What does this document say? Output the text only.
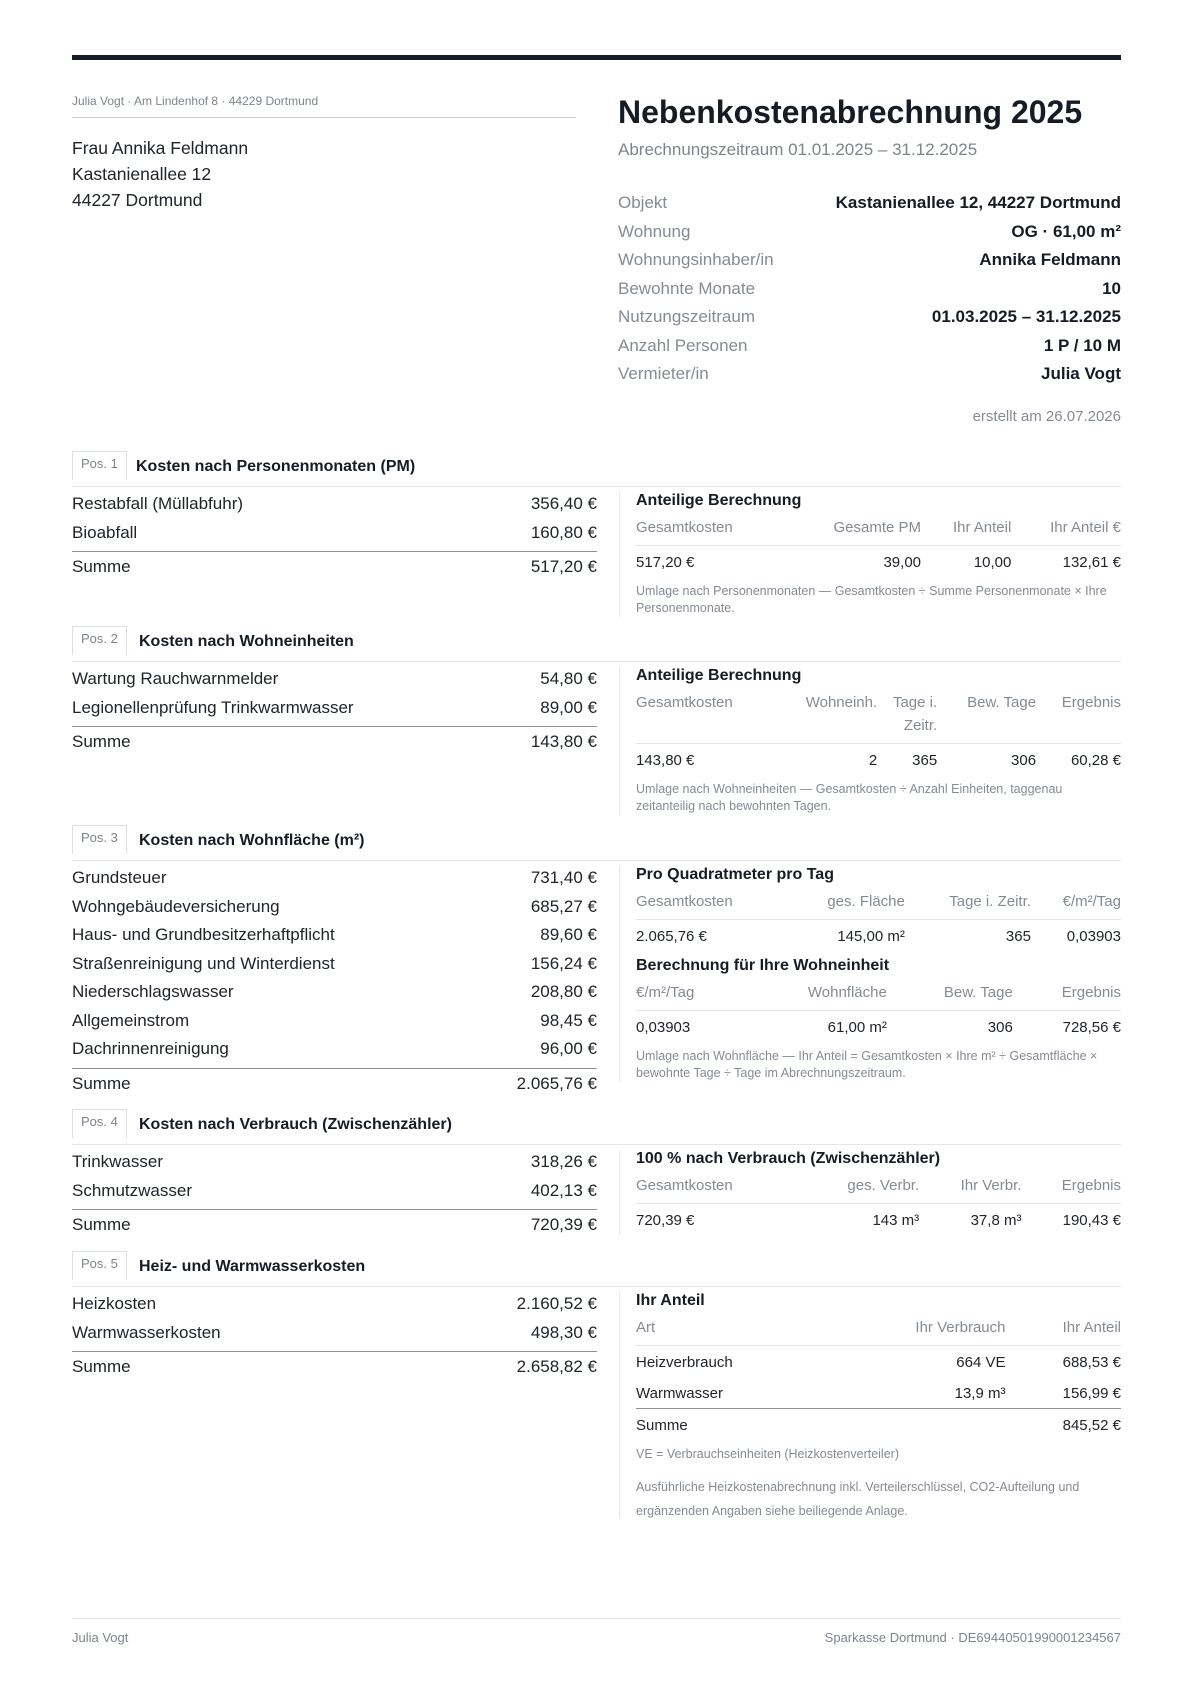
Julia Vogt · Am Lindenhof 8 · 44229 Dortmund
Frau Annika Feldmann
Kastanienallee 12
44227 Dortmund
Nebenkostenabrechnung 2025
Abrechnungszeitraum 01.01.2025 – 31.12.2025
Objekt	Kastanienallee 12, 44227 Dortmund
Wohnung	OG · 61,00 m²
Wohnungsinhaber/in	Annika Feldmann
Bewohnte Monate	10
Nutzungszeitraum	01.03.2025 – 31.12.2025
Anzahl Personen	1 P / 10 M
Vermieter/in	Julia Vogt
erstellt am 26.07.2026
Pos. 1	Kosten nach Personenmonaten (PM)
Restabfall (Müllabfuhr)	356,40 €
Bioabfall	160,80 €
Summe	517,20 €
Anteilige Berechnung
Gesamtkosten	Gesamte PM	Ihr Anteil	Ihr Anteil €
517,20 €	39,00	10,00	132,61 €
Umlage nach Personenmonaten — Gesamtkosten ÷ Summe Personenmonate × Ihre Personenmonate.
Pos. 2	Kosten nach Wohneinheiten
Wartung Rauchwarnmelder	54,80 €
Legionellenprüfung Trinkwarmwasser	89,00 €
Summe	143,80 €
Anteilige Berechnung
Gesamtkosten	Wohneinh.	Tage i. Zeitr.	Bew. Tage	Ergebnis
143,80 €	2	365	306	60,28 €
Umlage nach Wohneinheiten — Gesamtkosten ÷ Anzahl Einheiten, taggenau zeitanteilig nach bewohnten Tagen.
Pos. 3	Kosten nach Wohnfläche (m²)
Grundsteuer	731,40 €
Wohngebäudeversicherung	685,27 €
Haus- und Grundbesitzerhaftpflicht	89,60 €
Straßenreinigung und Winterdienst	156,24 €
Niederschlagswasser	208,80 €
Allgemeinstrom	98,45 €
Dachrinnenreinigung	96,00 €
Summe	2.065,76 €
Pro Quadratmeter pro Tag
Gesamtkosten	ges. Fläche	Tage i. Zeitr.	€/m²/Tag
2.065,76 €	145,00 m²	365	0,03903
Berechnung für Ihre Wohneinheit
€/m²/Tag	Wohnfläche	Bew. Tage	Ergebnis
0,03903	61,00 m²	306	728,56 €
Umlage nach Wohnfläche — Ihr Anteil = Gesamtkosten × Ihre m² ÷ Gesamtfläche × bewohnte Tage ÷ Tage im Abrechnungszeitraum.
Pos. 4	Kosten nach Verbrauch (Zwischenzähler)
Trinkwasser	318,26 €
Schmutzwasser	402,13 €
Summe	720,39 €
100 % nach Verbrauch (Zwischenzähler)
Gesamtkosten	ges. Verbr.	Ihr Verbr.	Ergebnis
720,39 €	143 m³	37,8 m³	190,43 €
Pos. 5	Heiz- und Warmwasserkosten
Heizkosten	2.160,52 €
Warmwasserkosten	498,30 €
Summe	2.658,82 €
Ihr Anteil
Art	Ihr Verbrauch	Ihr Anteil
Heizverbrauch	664 VE	688,53 €
Warmwasser	13,9 m³	156,99 €
Summe		845,52 €
VE = Verbrauchseinheiten (Heizkostenverteiler)
Ausführliche Heizkostenabrechnung inkl. Verteilerschlüssel, CO2-Aufteilung und ergänzenden Angaben siehe beiliegende Anlage.
Julia Vogt	Sparkasse Dortmund · DE69440501990001234567
